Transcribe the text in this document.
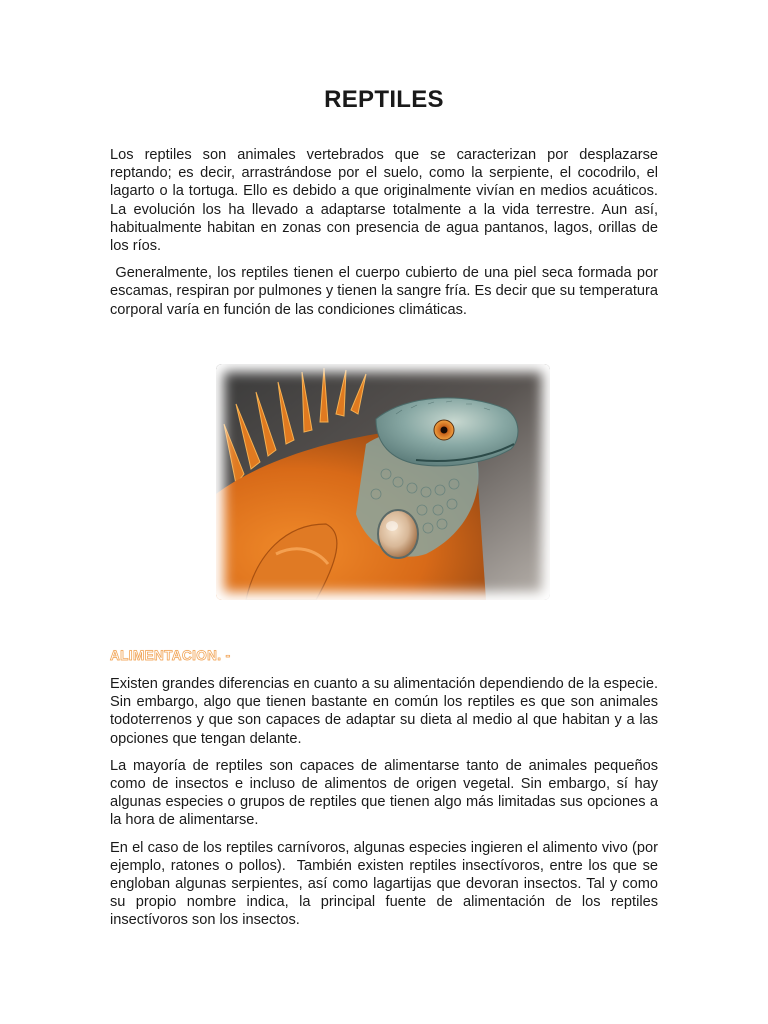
REPTILES

Los reptiles son animales vertebrados que se caracterizan por desplazarse reptando; es decir, arrastrándose por el suelo, como la serpiente, el cocodrilo, el lagarto o la tortuga. Ello es debido a que originalmente vivían en medios acuáticos. La evolución los ha llevado a adaptarse totalmente a la vida terrestre. Aun así, habitualmente habitan en zonas con presencia de agua pantanos, lagos, orillas de los ríos.

Generalmente, los reptiles tienen el cuerpo cubierto de una piel seca formada por escamas, respiran por pulmones y tienen la sangre fría. Es decir que su temperatura corporal varía en función de las condiciones climáticas.

ALIMENTACION. -

Existen grandes diferencias en cuanto a su alimentación dependiendo de la especie. Sin embargo, algo que tienen bastante en común los reptiles es que son animales todoterrenos y que son capaces de adaptar su dieta al medio al que habitan y a las opciones que tengan delante.

La mayoría de reptiles son capaces de alimentarse tanto de animales pequeños como de insectos e incluso de alimentos de origen vegetal. Sin embargo, sí hay algunas especies o grupos de reptiles que tienen algo más limitadas sus opciones a la hora de alimentarse.

En el caso de los reptiles carnívoros, algunas especies ingieren el alimento vivo (por ejemplo, ratones o pollos).  También existen reptiles insectívoros, entre los que se engloban algunas serpientes, así como lagartijas que devoran insectos. Tal y como su propio nombre indica, la principal fuente de alimentación de los reptiles insectívoros son los insectos.
